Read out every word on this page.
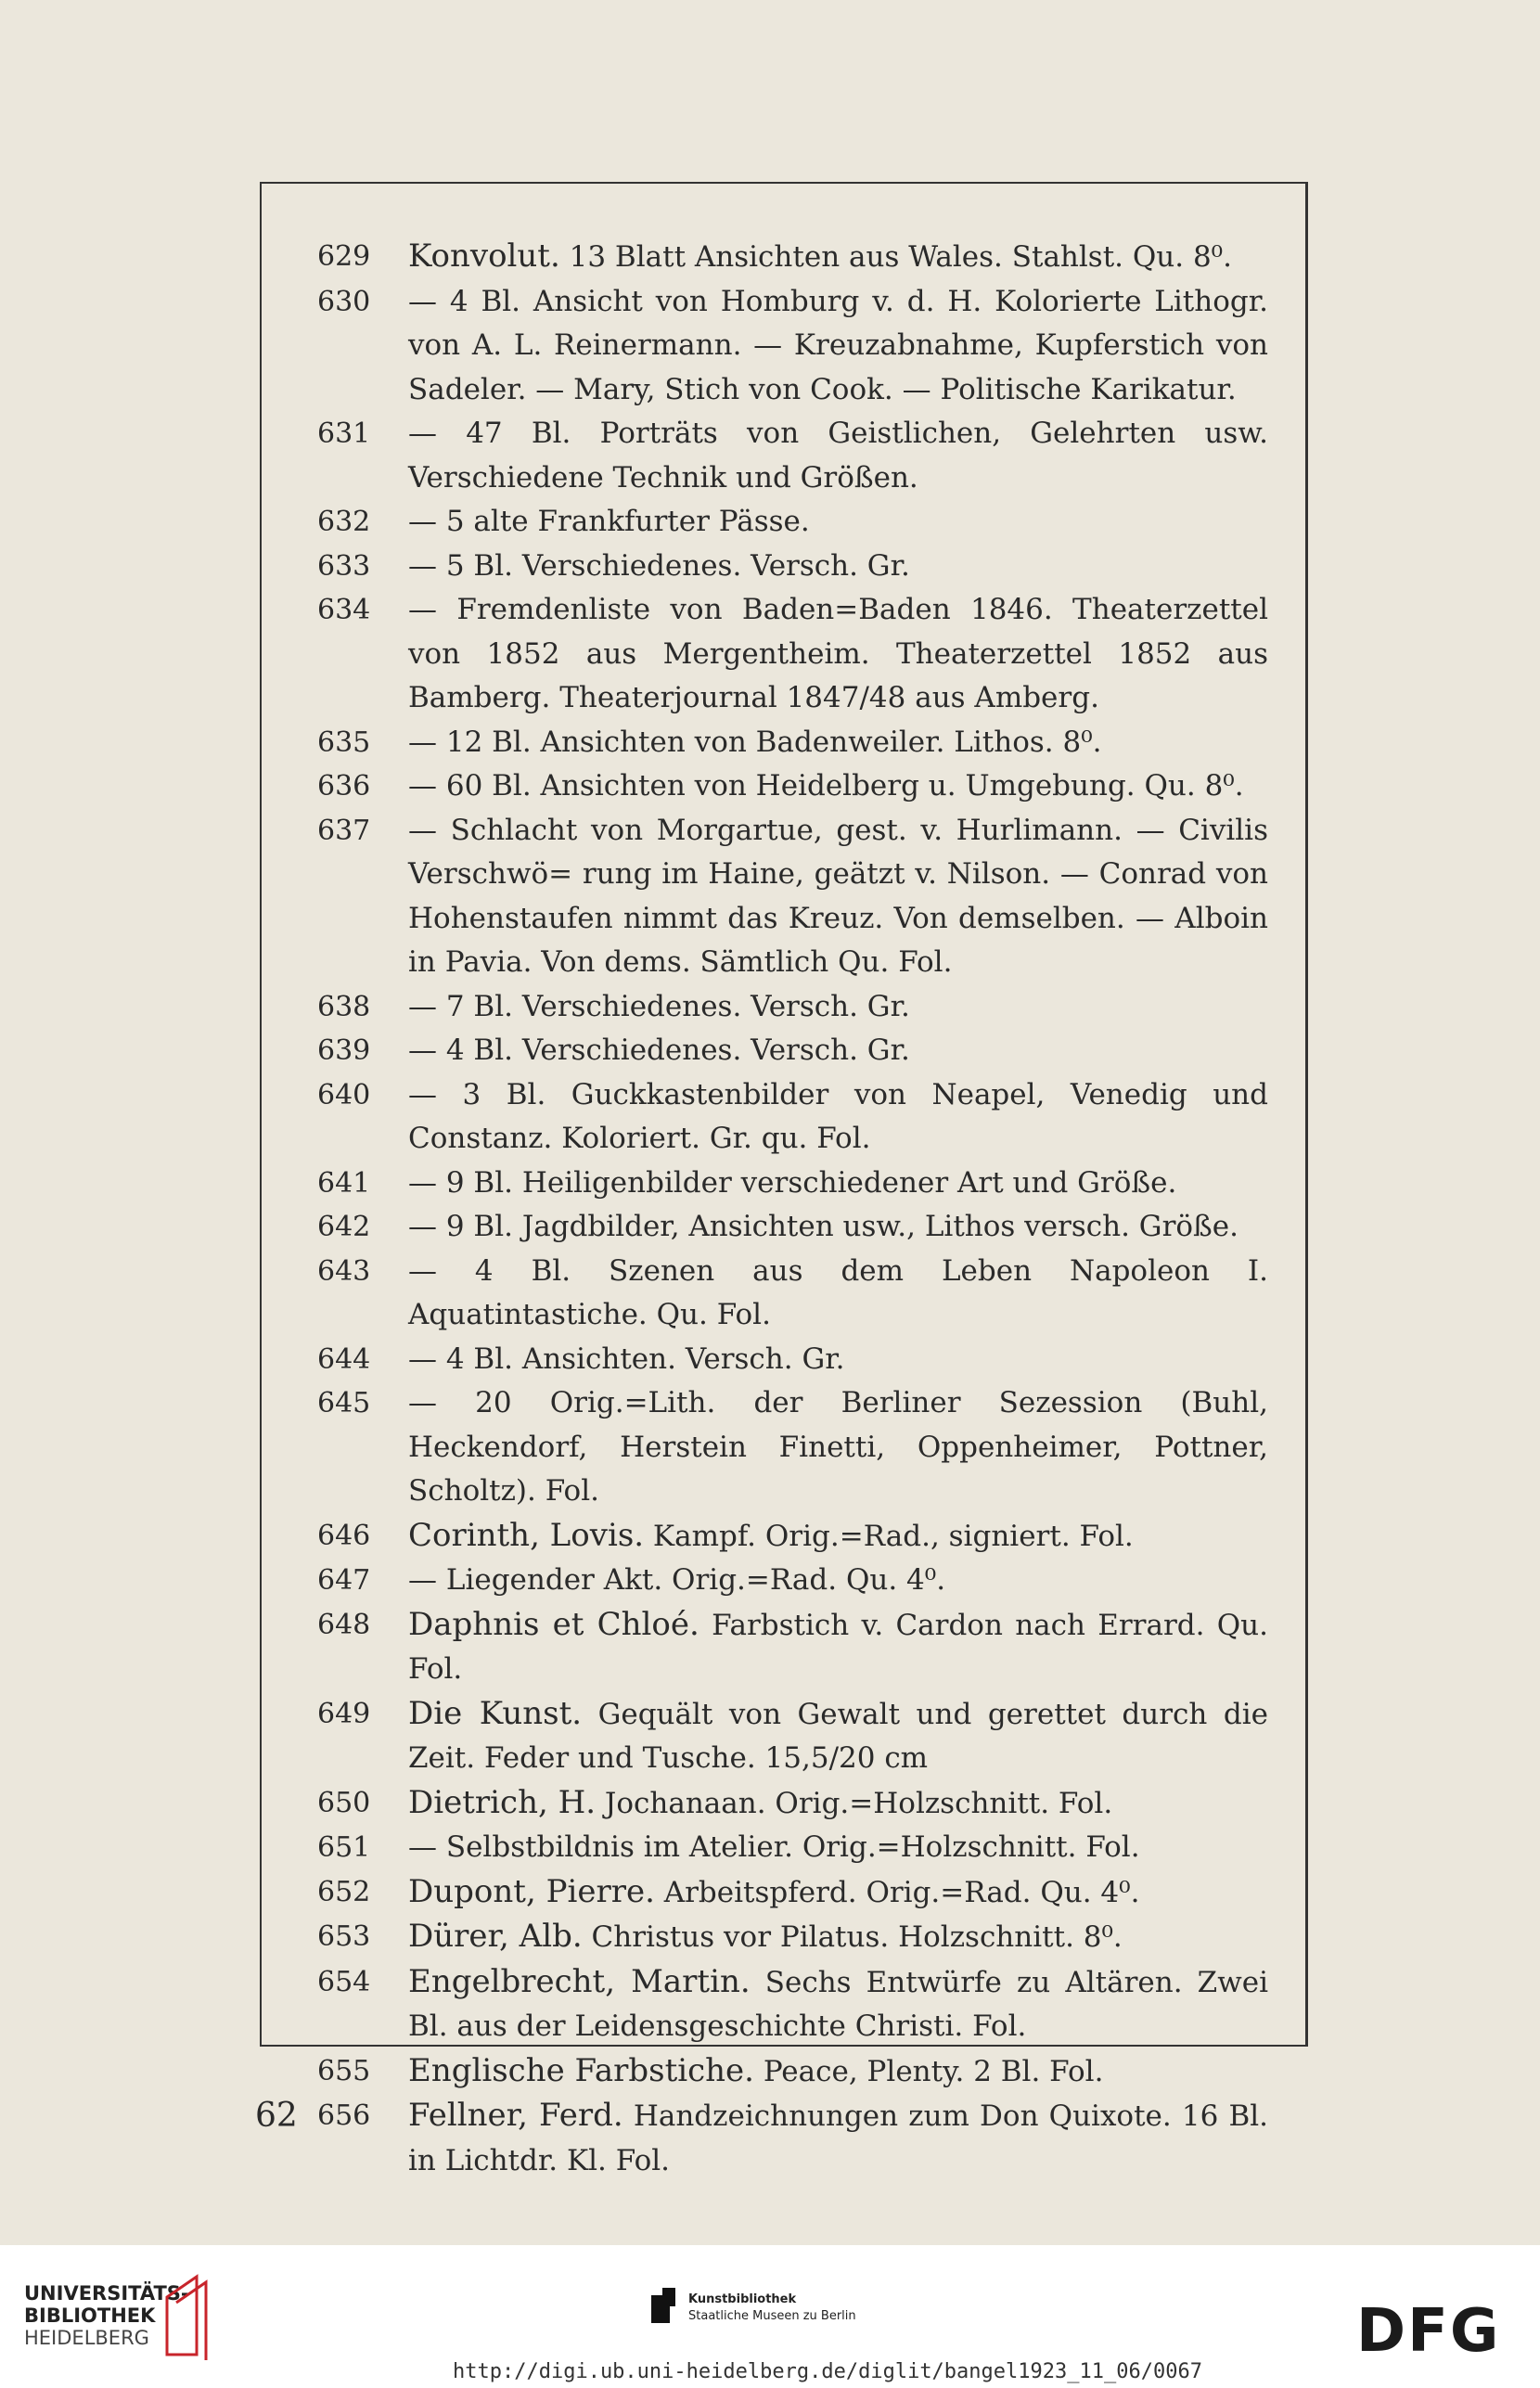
629	Konvolut. 13 Blatt Ansichten aus Wales. Stahlst. Qu. 8⁰.
630	— 4 Bl. Ansicht von Homburg v. d. H. Kolorierte Lithogr. von A. L. Reinermann. — Kreuzabnahme, Kupferstich von Sadeler. — Mary, Stich von Cook. — Politische Karikatur.
631	— 47 Bl. Porträts von Geistlichen, Gelehrten usw. Verschiedene Technik und Größen.
632	— 5 alte Frankfurter Pässe.
633	— 5 Bl. Verschiedenes. Versch. Gr.
634	— Fremdenliste von Baden=Baden 1846. Theaterzettel von 1852 aus Mergentheim. Theaterzettel 1852 aus Bamberg. Theaterjournal 1847/48 aus Amberg.
635	— 12 Bl. Ansichten von Badenweiler. Lithos. 8⁰.
636	— 60 Bl. Ansichten von Heidelberg u. Umgebung. Qu. 8⁰.
637	— Schlacht von Morgartue, gest. v. Hurlimann. — Civilis Verschwö= rung im Haine, geätzt v. Nilson. — Conrad von Hohenstaufen nimmt das Kreuz. Von demselben. — Alboin in Pavia. Von dems. Sämtlich Qu. Fol.
638	— 7 Bl. Verschiedenes. Versch. Gr.
639	— 4 Bl. Verschiedenes. Versch. Gr.
640	— 3 Bl. Guckkastenbilder von Neapel, Venedig und Constanz. Koloriert. Gr. qu. Fol.
641	— 9 Bl. Heiligenbilder verschiedener Art und Größe.
642	— 9 Bl. Jagdbilder, Ansichten usw., Lithos versch. Größe.
643	— 4 Bl. Szenen aus dem Leben Napoleon I. Aquatintastiche. Qu. Fol.
644	— 4 Bl. Ansichten. Versch. Gr.
645	— 20 Orig.=Lith. der Berliner Sezession (Buhl, Heckendorf, Herstein Finetti, Oppenheimer, Pottner, Scholtz). Fol.
646	Corinth, Lovis. Kampf. Orig.=Rad., signiert. Fol.
647	— Liegender Akt. Orig.=Rad. Qu. 4⁰.
648	Daphnis et Chloé. Farbstich v. Cardon nach Errard. Qu. Fol.
649	Die Kunst. Gequält von Gewalt und gerettet durch die Zeit. Feder und Tusche. 15,5/20 cm
650	Dietrich, H. Jochanaan. Orig.=Holzschnitt. Fol.
651	— Selbstbildnis im Atelier. Orig.=Holzschnitt. Fol.
652	Dupont, Pierre. Arbeitspferd. Orig.=Rad. Qu. 4⁰.
653	Dürer, Alb. Christus vor Pilatus. Holzschnitt. 8⁰.
654	Engelbrecht, Martin. Sechs Entwürfe zu Altären. Zwei Bl. aus der Leidensgeschichte Christi. Fol.
655	Englische Farbstiche. Peace, Plenty. 2 Bl. Fol.
656	Fellner, Ferd. Handzeichnungen zum Don Quixote. 16 Bl. in Lichtdr. Kl. Fol.
62
UNIVERSITÄTS-
BIBLIOTHEK
HEIDELBERG
Kunstbibliothek
Staatliche Museen zu Berlin	DFG
http://digi.ub.uni-heidelberg.de/diglit/bangel1923_11_06/0067
